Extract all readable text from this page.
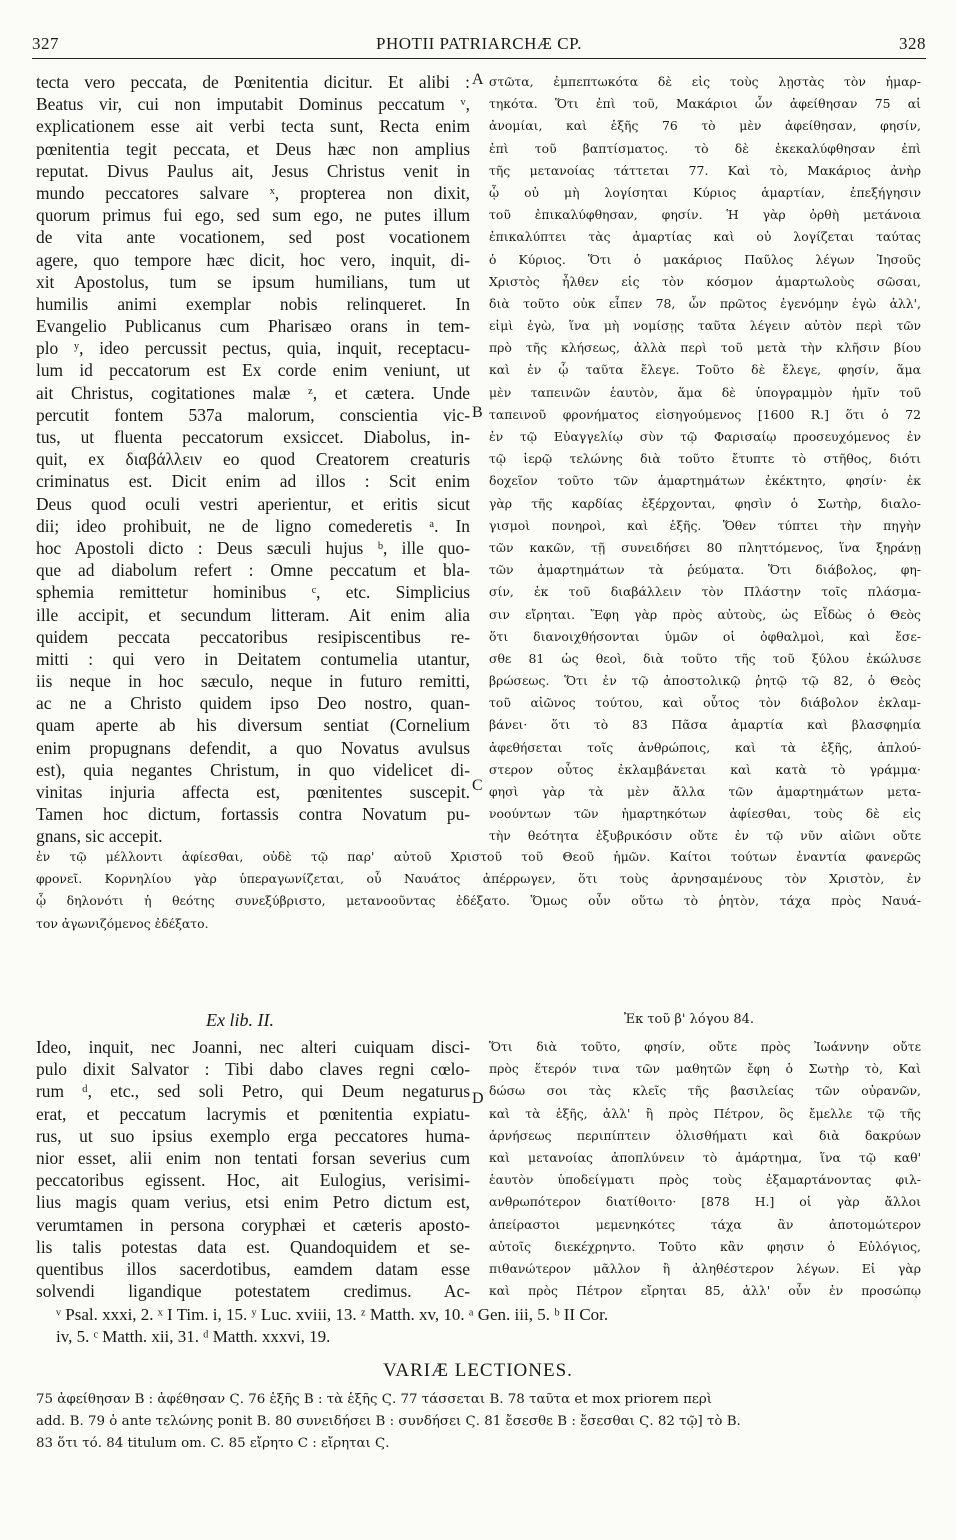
327	PHOTII PATRIARCHÆ CP.	328
tecta vero peccata, de Pœnitentia dicitur. Et alibi :
Beatus vir, cui non imputabit Dominus peccatum ᵛ,
explicationem esse ait verbi tecta sunt, Recta enim
pœnitentia tegit peccata, et Deus hæc non amplius
reputat. Divus Paulus ait, Jesus Christus venit in
mundo peccatores salvare ˣ, propterea non dixit,
quorum primus fui ego, sed sum ego, ne putes illum
de vita ante vocationem, sed post vocationem
agere, quo tempore hæc dicit, hoc vero, inquit, di-
xit Apostolus, tum se ipsum humilians, tum ut
humilis animi exemplar nobis relinqueret. In
Evangelio Publicanus cum Pharisæo orans in tem-
plo ʸ, ideo percussit pectus, quia, inquit, receptacu-
lum id peccatorum est Ex corde enim veniunt, ut
ait Christus, cogitationes malæ ᶻ, et cætera. Unde
percutit fontem 537a malorum, conscientia vic-
tus, ut fluenta peccatorum exsiccet. Diabolus, in-
quit, ex διαβάλλειν eo quod Creatorem creaturis
criminatus est. Dicit enim ad illos : Scit enim
Deus quod oculi vestri aperientur, et eritis sicut
dii; ideo prohibuit, ne de ligno comederetis ᵃ. In
hoc Apostoli dicto : Deus sæculi hujus ᵇ, ille quo-
que ad diabolum refert : Omne peccatum et bla-
sphemia remittetur hominibus ᶜ, etc. Simplicius
ille accipit, et secundum litteram. Ait enim alia
quidem peccata peccatoribus resipiscentibus re-
mitti : qui vero in Deitatem contumelia utantur,
iis neque in hoc sæculo, neque in futuro remitti,
ac ne a Christo quidem ipso Deo nostro, quan-
quam aperte ab his diversum sentiat (Cornelium
enim propugnans defendit, a quo Novatus avulsus
est), quia negantes Christum, in quo videlicet di-
vinitas injuria affecta est, pœnitentes suscepit.
Tamen hoc dictum, fortassis contra Novatum pu-
gnans, sic accepit.
στῶτα, ἐμπεπτωκότα δὲ εἰς τοὺς λῃστὰς τὸν ἡμαρ-
τηκότα. Ὅτι ἐπὶ τοῦ, Μακάριοι ὧν ἀφείθησαν 75 αἱ
ἀνομίαι, καὶ ἑξῆς 76 τὸ μὲν ἀφείθησαν, φησίν,
ἐπὶ τοῦ βαπτίσματος. τὸ δὲ ἐκεκαλύφθησαν ἐπὶ
τῆς μετανοίας τάττεται 77. Καὶ τὸ, Μακάριος ἀνὴρ
ᾧ οὐ μὴ λογίσηται Κύριος ἁμαρτίαν, ἐπεξήγησιν
τοῦ ἐπικαλύφθησαν, φησίν. Ἡ γὰρ ὀρθὴ μετάνοια
ἐπικαλύπτει τὰς ἁμαρτίας καὶ οὐ λογίζεται ταύτας
ὁ Κύριος. Ὅτι ὁ μακάριος Παῦλος λέγων Ἰησοῦς
Χριστὸς ἦλθεν εἰς τὸν κόσμον ἁμαρτωλοὺς σῶσαι,
διὰ τοῦτο οὐκ εἶπεν 78, ὧν πρῶτος ἐγενόμην ἐγὼ ἀλλ',
εἰμὶ ἐγὼ, ἵνα μὴ νομίσῃς ταῦτα λέγειν αὐτὸν περὶ τῶν
πρὸ τῆς κλήσεως, ἀλλὰ περὶ τοῦ μετὰ τὴν κλῆσιν βίου
καὶ ἐν ᾧ ταῦτα ἔλεγε. Τοῦτο δὲ ἔλεγε, φησίν, ἅμα
μὲν ταπεινῶν ἑαυτὸν, ἅμα δὲ ὑπογραμμὸν ἡμῖν τοῦ
ταπεινοῦ φρονήματος εἰσηγούμενος [1600 R.] ὅτι ὁ 72
ἐν τῷ Εὐαγγελίῳ σὺν τῷ Φαρισαίῳ προσευχόμενος ἐν
τῷ ἱερῷ τελώνης διὰ τοῦτο ἔτυπτε τὸ στῆθος, διότι
δοχεῖον τοῦτο τῶν ἁμαρτημάτων ἐκέκτητο, φησίν· ἐκ
γὰρ τῆς καρδίας ἐξέρχονται, φησὶν ὁ Σωτὴρ, διαλο-
γισμοὶ πονηροὶ, καὶ ἑξῆς. Ὅθεν τύπτει τὴν πηγὴν
τῶν κακῶν, τῇ συνειδήσει 80 πληττόμενος, ἵνα ξηράνῃ
τῶν ἁμαρτημάτων τὰ ῥεύματα. Ὅτι διάβολος, φη-
σίν, ἐκ τοῦ διαβάλλειν τὸν Πλάστην τοῖς πλάσμα-
σιν εἴρηται. Ἔφη γὰρ πρὸς αὐτοὺς, ὡς Εἶδὼς ὁ Θεὸς
ὅτι διανοιχθήσονται ὑμῶν οἱ ὀφθαλμοὶ, καὶ ἔσε-
σθε 81 ὡς θεοὶ, διὰ τοῦτο τῆς τοῦ ξύλου ἐκώλυσε
βρώσεως. Ὅτι ἐν τῷ ἀποστολικῷ ῥητῷ τῷ 82, ὁ Θεὸς
τοῦ αἰῶνος τούτου, καὶ οὗτος τὸν διάβολον ἐκλαμ-
βάνει· ὅτι τὸ 83 Πᾶσα ἁμαρτία καὶ βλασφημία
ἀφεθήσεται τοῖς ἀνθρώποις, καὶ τὰ ἑξῆς, ἁπλού-
στερον οὗτος ἐκλαμβάνεται καὶ κατὰ τὸ γράμμα·
φησὶ γὰρ τὰ μὲν ἄλλα τῶν ἁμαρτημάτων μετα-
νοούντων τῶν ἡμαρτηκότων ἀφίεσθαι, τοὺς δὲ εἰς
τὴν θεότητα ἐξυβρικόσιν οὔτε ἐν τῷ νῦν αἰῶνι οὔτε
A
B
C
D
ἐν τῷ μέλλοντι ἀφίεσθαι, οὐδὲ τῷ παρ' αὐτοῦ Χριστοῦ τοῦ Θεοῦ ἡμῶν. Καίτοι τούτων ἐναντία φανερῶς
φρονεῖ. Κορνηλίου γὰρ ὑπεραγωνίζεται, οὗ Ναυάτος ἀπέρρωγεν, ὅτι τοὺς ἀρνησαμένους τὸν Χριστὸν, ἐν
ᾧ δηλονότι ἡ θεότης συνεξύβριστο, μετανοοῦντας ἐδέξατο. Ὅμως οὖν οὕτω τὸ ῥητὸν, τάχα πρὸς Ναυά-
τον ἀγωνιζόμενος ἐδέξατο.
Ex lib. II.	Ἐκ τοῦ β' λόγου 84.
Ideo, inquit, nec Joanni, nec alteri cuiquam disci-
pulo dixit Salvator : Tibi dabo claves regni cœlo-
rum ᵈ, etc., sed soli Petro, qui Deum negaturus
erat, et peccatum lacrymis et pœnitentia expiatu-
rus, ut suo ipsius exemplo erga peccatores huma-
nior esset, alii enim non tentati forsan severius cum
peccatoribus egissent. Hoc, ait Eulogius, verisimi-
lius magis quam verius, etsi enim Petro dictum est,
verumtamen in persona coryphæi et cæteris aposto-
lis talis potestas data est. Quandoquidem et se-
quentibus illos sacerdotibus, eamdem datam esse
solvendi ligandique potestatem credimus. Ac-
Ὅτι διὰ τοῦτο, φησίν, οὔτε πρὸς Ἰωάννην οὔτε
πρὸς ἕτερόν τινα τῶν μαθητῶν ἔφη ὁ Σωτὴρ τὸ, Καὶ
δώσω σοι τὰς κλεῖς τῆς βασιλείας τῶν οὐρανῶν,
καὶ τὰ ἑξῆς, ἀλλ' ἢ πρὸς Πέτρον, ὃς ἔμελλε τῷ τῆς
ἀρνήσεως περιπίπτειν ὀλισθήματι καὶ διὰ δακρύων
καὶ μετανοίας ἀποπλύνειν τὸ ἁμάρτημα, ἵνα τῷ καθ'
ἑαυτὸν ὑποδείγματι πρὸς τοὺς ἐξαμαρτάνοντας φιλ-
ανθρωπότερον διατίθοιτο· [878 H.] οἱ γὰρ ἄλλοι
ἀπείραστοι μεμενηκότες τάχα ἂν ἀποτομώτερον
αὐτοῖς διεκέχρηντο. Τοῦτο κἂν φησιν ὁ Εὐλόγιος,
πιθανώτερον μᾶλλον ἢ ἀληθέστερον λέγων. Εἰ γὰρ
καὶ πρὸς Πέτρον εἴρηται 85, ἀλλ' οὖν ἐν προσώπῳ
ᵛ Psal. xxxi, 2. ˣ I Tim. i, 15. ʸ Luc. xviii, 13. ᶻ Matth. xv, 10. ᵃ Gen. iii, 5. ᵇ II Cor.
iv, 5. ᶜ Matth. xii, 31. ᵈ Matth. xxxvi, 19.
VARIÆ LECTIONES.
75 ἀφείθησαν B : ἀφέθησαν Ϛ. 76 ἑξῆς B : τὰ ἑξῆς Ϛ. 77 τάσσεται B. 78 ταῦτα et mox priorem περὶ
add. B. 79 ὁ ante τελώνης ponit B. 80 συνειδήσει B : συνδήσει Ϛ. 81 ἔσεσθε B : ἔσεσθαι Ϛ. 82 τῷ] τὸ B.
83 ὅτι τό. 84 titulum om. C. 85 εἴρητο C : εἴρηται Ϛ.
